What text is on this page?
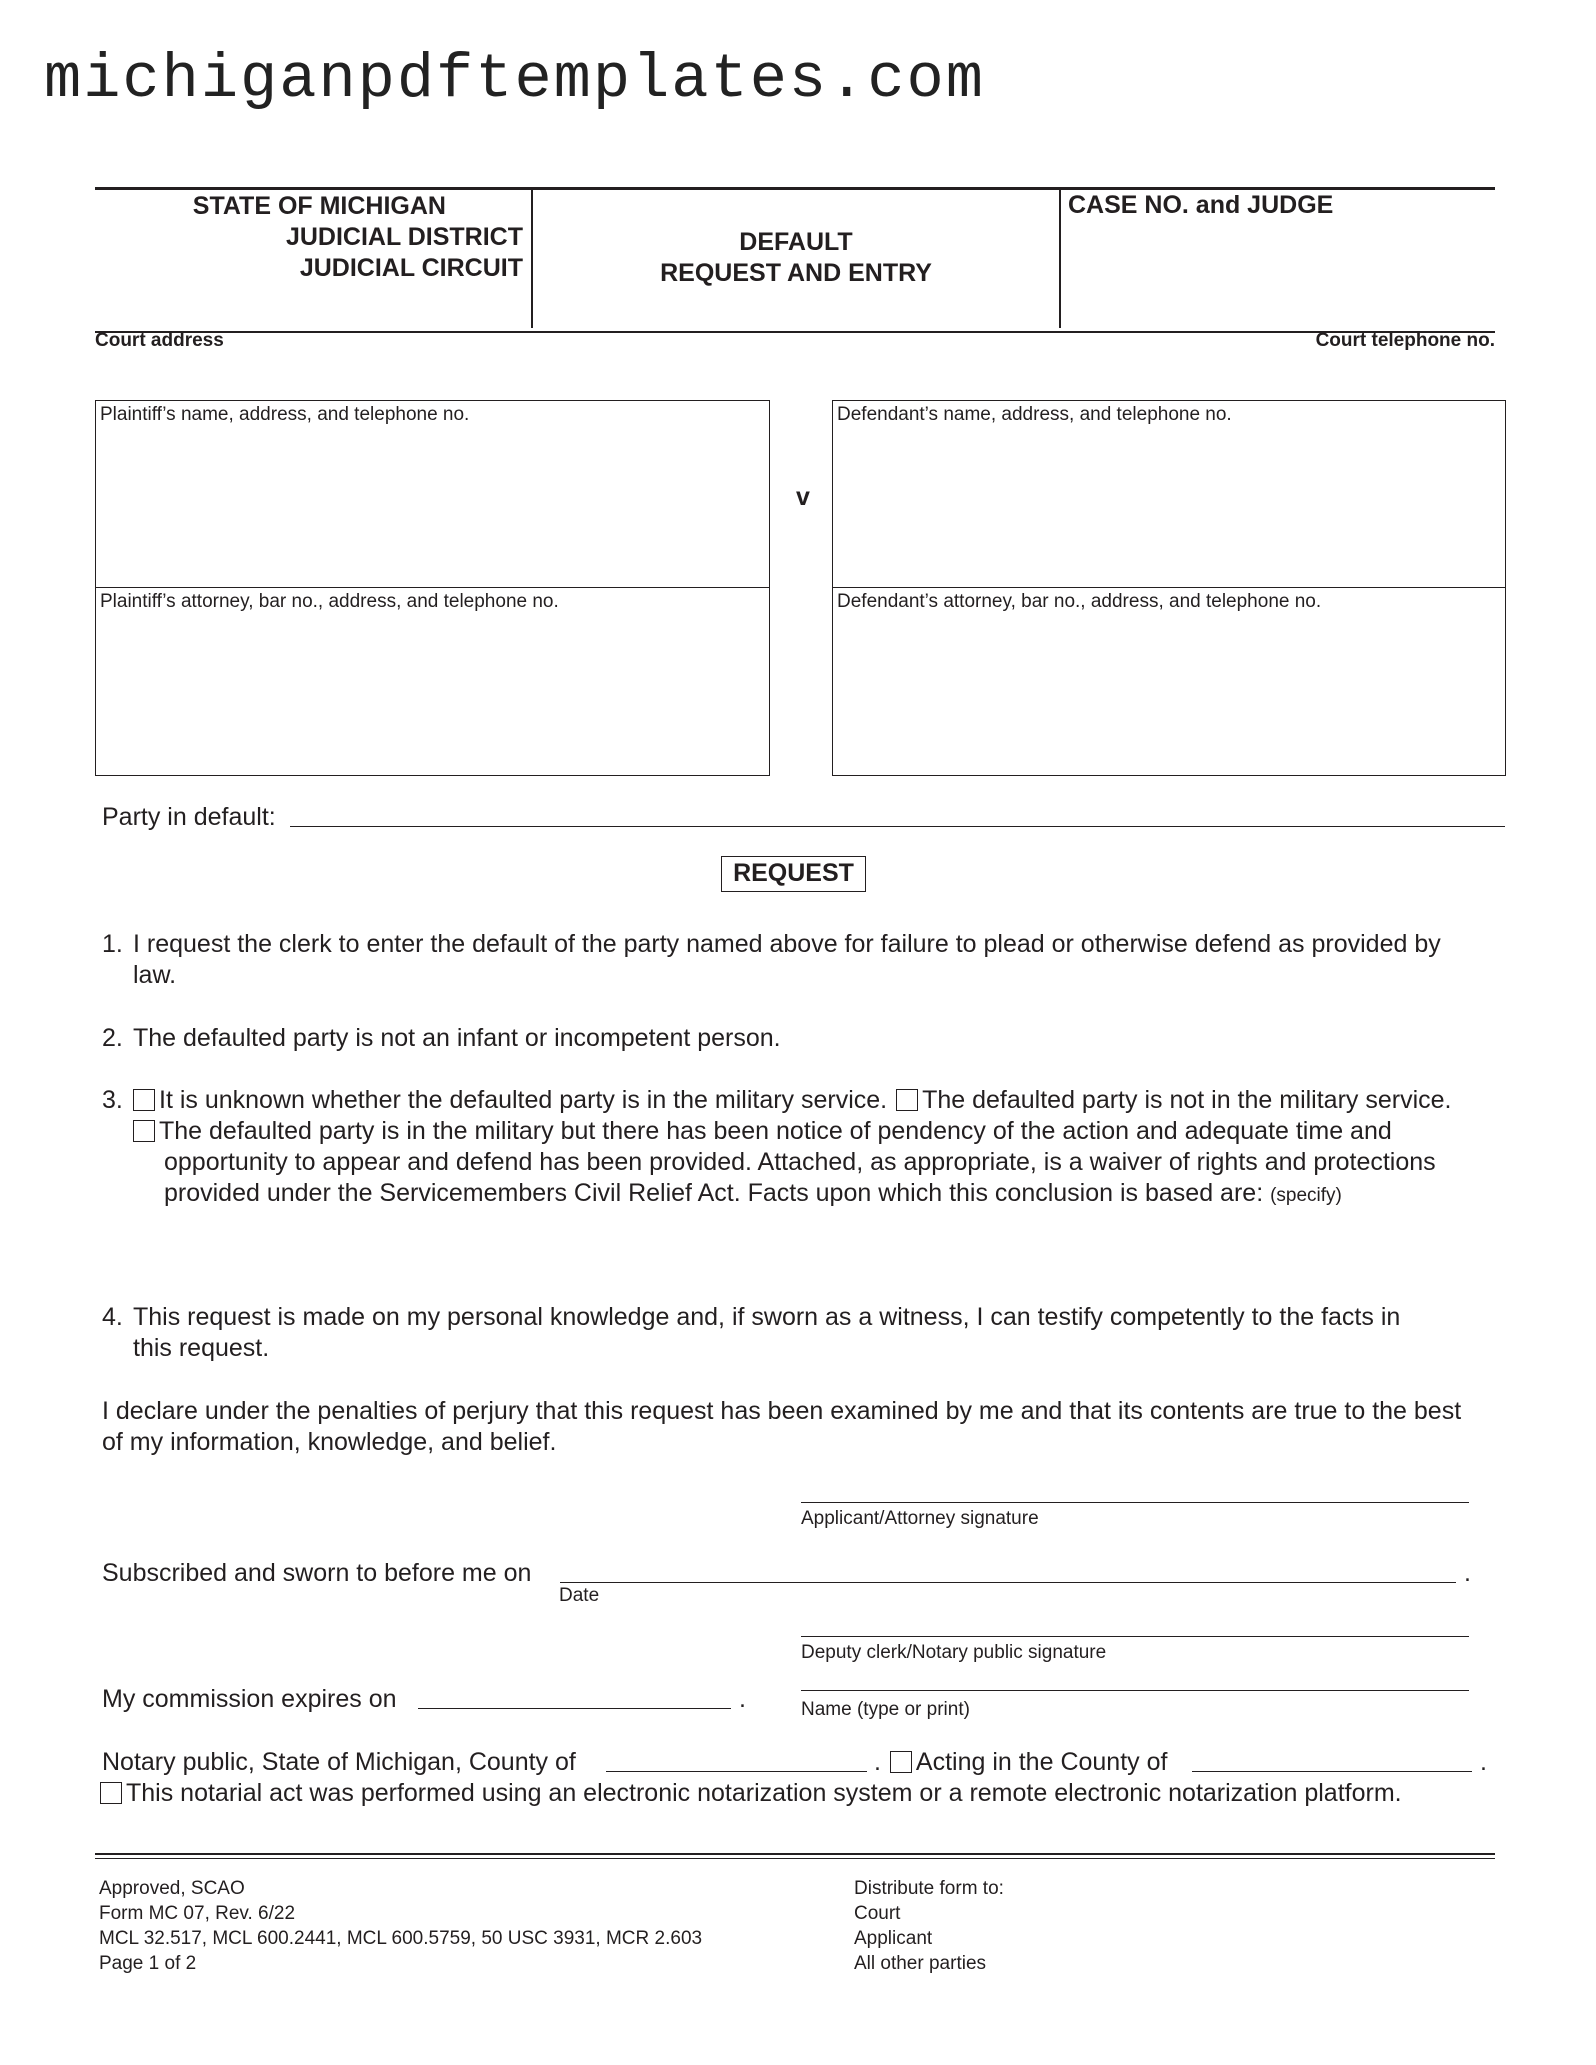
michiganpdftemplates.com
STATE OF MICHIGAN
JUDICIAL DISTRICT
JUDICIAL CIRCUIT
DEFAULT
REQUEST AND ENTRY
CASE NO. and JUDGE
Court address	Court telephone no.
Plaintiff’s name, address, and telephone no.
Plaintiff’s attorney, bar no., address, and telephone no.
v
Defendant’s name, address, and telephone no.
Defendant’s attorney, bar no., address, and telephone no.
Party in default:
REQUEST
1. I request the clerk to enter the default of the party named above for failure to plead or otherwise defend as provided by
law.
2. The defaulted party is not an infant or incompetent person.
3.	It is unknown whether the defaulted party is in the military service. The defaulted party is not in the military service.
The defaulted party is in the military but there has been notice of pendency of the action and adequate time and
opportunity to appear and defend has been provided. Attached, as appropriate, is a waiver of rights and protections
provided under the Servicemembers Civil Relief Act. Facts upon which this conclusion is based are: (specify)
4. This request is made on my personal knowledge and, if sworn as a witness, I can testify competently to the facts in
this request.
I declare under the penalties of perjury that this request has been examined by me and that its contents are true to the best
of my information, knowledge, and belief.
Applicant/Attorney signature
Subscribed and sworn to before me on	.
Date
Deputy clerk/Notary public signature
My commission expires on	.	Name (type or print)
Notary public, State of Michigan, County of	. Acting in the County of	.
This notarial act was performed using an electronic notarization system or a remote electronic notarization platform.
Approved, SCAO
Form MC 07, Rev. 6/22
MCL 32.517, MCL 600.2441, MCL 600.5759, 50 USC 3931, MCR 2.603
Page 1 of 2
Distribute form to:
Court
Applicant
All other parties
